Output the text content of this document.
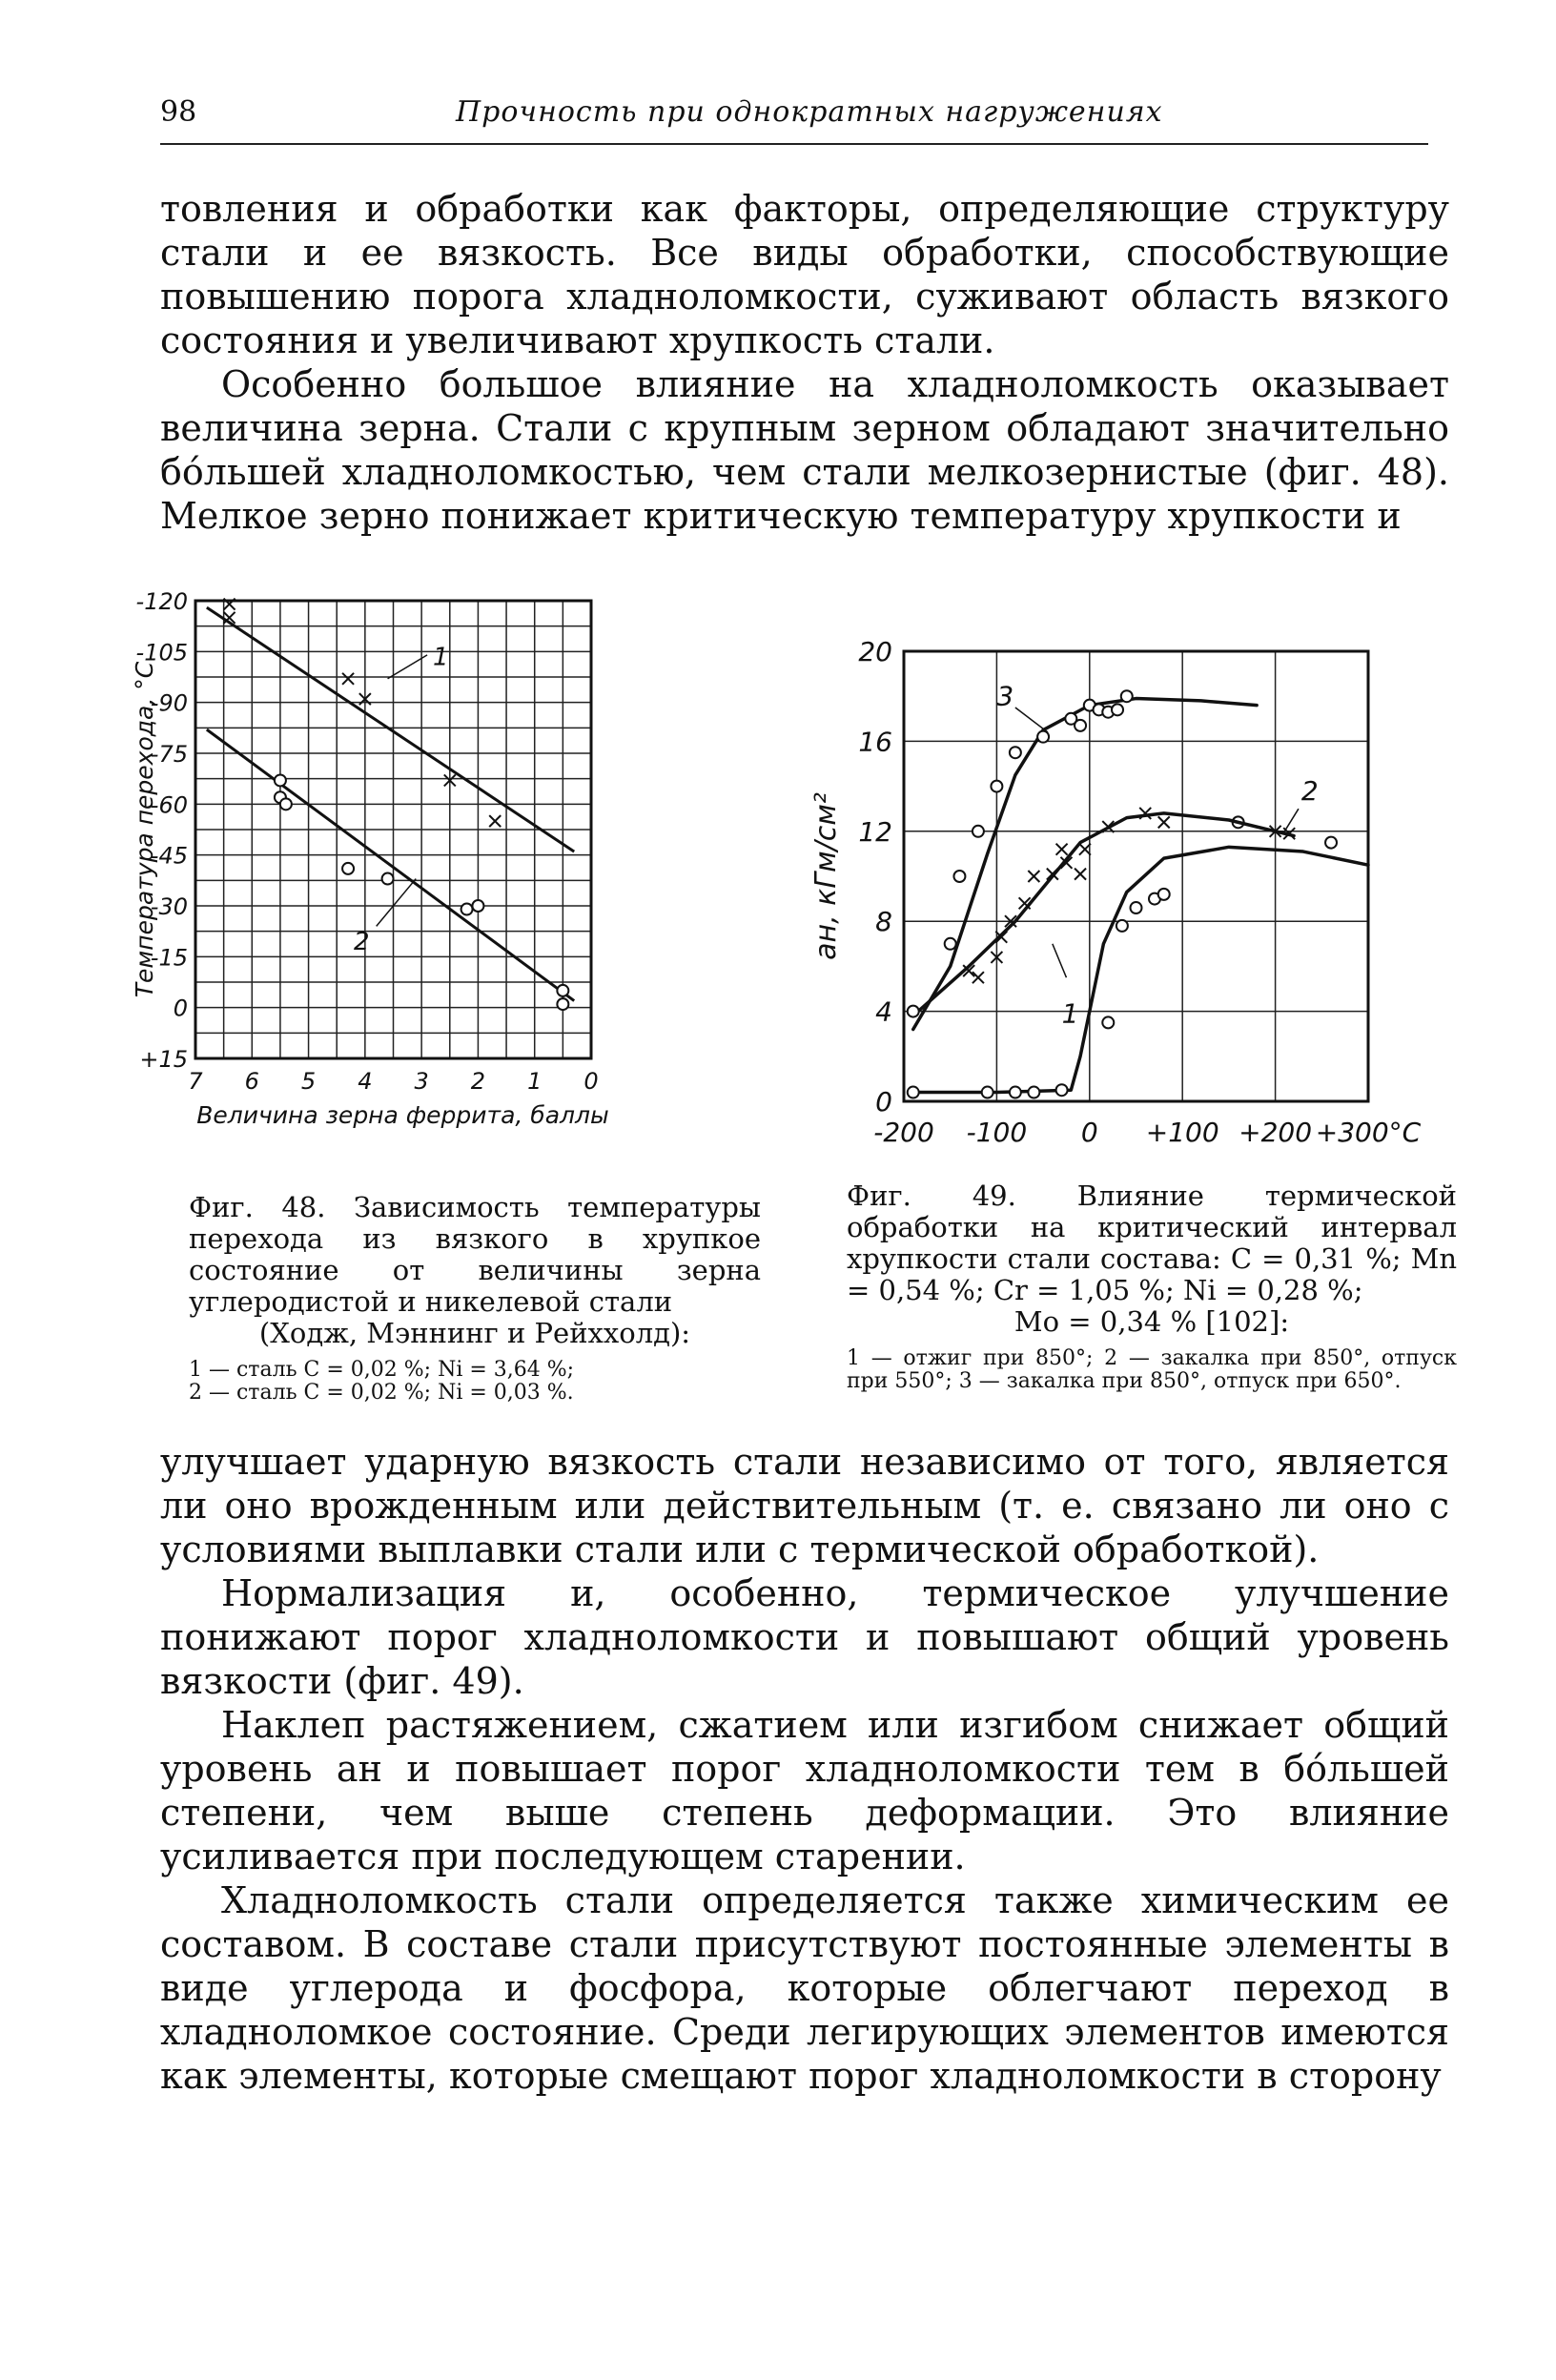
98	Прочность при однократных нагружениях

товления и обработки как факторы, определяющие структуру стали и ее вязкость. Все виды обработки, способствующие повышению порога хладноломкости, суживают область вязкого состояния и увеличивают хрупкость стали.

Особенно большое влияние на хладноломкость оказывает величина зерна. Стали с крупным зерном обладают значительно бо́льшей хладноломкостью, чем стали мелкозернистые (фиг. 48). Мелкое зерно понижает критическую температуру хрупкости и

1
2
-120
-105
-90
-75
-60
-45
-30
-15
0
+15
7 6 5 4 3 2 1 0
Величина зерна феррита, баллы
Температура перехода, °C
1
2
3
0
4
8
12
16
20
-200 -100 0 +100 +200 +300°C
aн, кГм/см²
Фиг. 48. Зависимость температуры перехода из вязкого в хрупкое состояние от величины зерна углеродистой и никелевой стали
(Ходж, Мэннинг и Рейххолд):
1 — сталь C = 0,02 %; Ni = 3,64 %;
2 — сталь C = 0,02 %; Ni = 0,03 %.
Фиг. 49. Влияние термической обработки на критический интервал хрупкости стали состава: C = 0,31 %; Mn = 0,54 %; Cr = 1,05 %; Ni = 0,28 %;
Mo = 0,34 % [102]:
1 — отжиг при 850°; 2 — закалка при 850°, отпуск при 550°; 3 — закалка при 850°, отпуск при 650°.

улучшает ударную вязкость стали независимо от того, является ли оно врожденным или действительным (т. е. связано ли оно с условиями выплавки стали или с термической обработкой).

Нормализация и, особенно, термическое улучшение понижают порог хладноломкости и повышают общий уровень вязкости (фиг. 49).

Наклеп растяжением, сжатием или изгибом снижает общий уровень aн и повышает порог хладноломкости тем в бо́льшей степени, чем выше степень деформации. Это влияние усиливается при последующем старении.

Хладноломкость стали определяется также химическим ее составом. В составе стали присутствуют постоянные элементы в виде углерода и фосфора, которые облегчают переход в хладноломкое состояние. Среди легирующих элементов имеются как элементы, которые смещают порог хладноломкости в сторону
